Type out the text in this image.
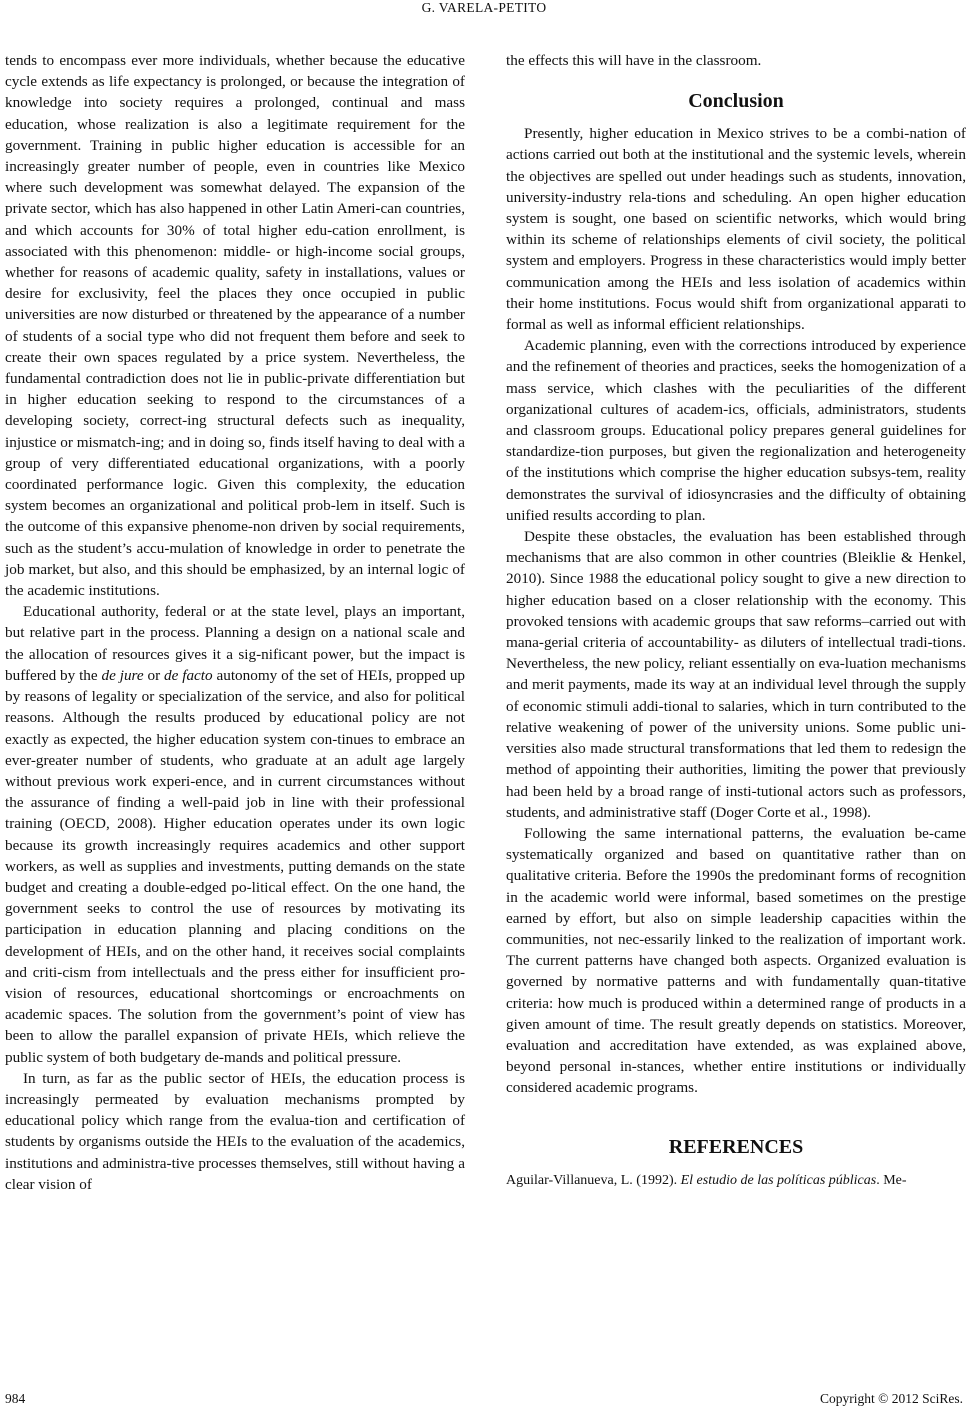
G. VARELA-PETITO

tends to encompass ever more individuals, whether because the educative cycle extends as life expectancy is prolonged, or because the integration of knowledge into society requires a prolonged, continual and mass education, whose realization is also a legitimate requirement for the government. Training in public higher education is accessible for an increasingly greater number of people, even in countries like Mexico where such development was somewhat delayed. The expansion of the private sector, which has also happened in other Latin Ameri-can countries, and which accounts for 30% of total higher edu-cation enrollment, is associated with this phenomenon: middle- or high-income social groups, whether for reasons of academic quality, safety in installations, values or desire for exclusivity, feel the places they once occupied in public universities are now disturbed or threatened by the appearance of a number of students of a social type who did not frequent them before and seek to create their own spaces regulated by a price system. Nevertheless, the fundamental contradiction does not lie in public-private differentiation but in higher education seeking to respond to the circumstances of a developing society, correct-ing structural defects such as inequality, injustice or mismatch-ing; and in doing so, finds itself having to deal with a group of very differentiated educational organizations, with a poorly coordinated performance logic. Given this complexity, the education system becomes an organizational and political prob-lem in itself. Such is the outcome of this expansive phenome-non driven by social requirements, such as the student’s accu-mulation of knowledge in order to penetrate the job market, but also, and this should be emphasized, by an internal logic of the academic institutions.

Educational authority, federal or at the state level, plays an important, but relative part in the process. Planning a design on a national scale and the allocation of resources gives it a sig-nificant power, but the impact is buffered by the de jure or de facto autonomy of the set of HEIs, propped up by reasons of legality or specialization of the service, and also for political reasons. Although the results produced by educational policy are not exactly as expected, the higher education system con-tinues to embrace an ever-greater number of students, who graduate at an adult age largely without previous work experi-ence, and in current circumstances without the assurance of finding a well-paid job in line with their professional training (OECD, 2008). Higher education operates under its own logic because its growth increasingly requires academics and other support workers, as well as supplies and investments, putting demands on the state budget and creating a double-edged po-litical effect. On the one hand, the government seeks to control the use of resources by motivating its participation in education planning and placing conditions on the development of HEIs, and on the other hand, it receives social complaints and criti-cism from intellectuals and the press either for insufficient pro-vision of resources, educational shortcomings or encroachments on academic spaces. The solution from the government’s point of view has been to allow the parallel expansion of private HEIs, which relieve the public system of both budgetary de-mands and political pressure.

In turn, as far as the public sector of HEIs, the education process is increasingly permeated by evaluation mechanisms prompted by educational policy which range from the evalua-tion and certification of students by organisms outside the HEIs to the evaluation of the academics, institutions and administra-tive processes themselves, still without having a clear vision of

the effects this will have in the classroom.

Conclusion

Presently, higher education in Mexico strives to be a combi-nation of actions carried out both at the institutional and the systemic levels, wherein the objectives are spelled out under headings such as students, innovation, university-industry rela-tions and scheduling. An open higher education system is sought, one based on scientific networks, which would bring within its scheme of relationships elements of civil society, the political system and employers. Progress in these characteristics would imply better communication among the HEIs and less isolation of academics within their home institutions. Focus would shift from organizational apparati to formal as well as informal efficient relationships.

Academic planning, even with the corrections introduced by experience and the refinement of theories and practices, seeks the homogenization of a mass service, which clashes with the peculiarities of the different organizational cultures of academ-ics, officials, administrators, students and classroom groups. Educational policy prepares general guidelines for standardize-tion purposes, but given the regionalization and heterogeneity of the institutions which comprise the higher education subsys-tem, reality demonstrates the survival of idiosyncrasies and the difficulty of obtaining unified results according to plan.

Despite these obstacles, the evaluation has been established through mechanisms that are also common in other countries (Bleiklie & Henkel, 2010). Since 1988 the educational policy sought to give a new direction to higher education based on a closer relationship with the economy. This provoked tensions with academic groups that saw reforms–carried out with mana-gerial criteria of accountability- as diluters of intellectual tradi-tions. Nevertheless, the new policy, reliant essentially on eva-luation mechanisms and merit payments, made its way at an individual level through the supply of economic stimuli addi-tional to salaries, which in turn contributed to the relative weakening of power of the university unions. Some public uni-versities also made structural transformations that led them to redesign the method of appointing their authorities, limiting the power that previously had been held by a broad range of insti-tutional actors such as professors, students, and administrative staff (Doger Corte et al., 1998).

Following the same international patterns, the evaluation be-came systematically organized and based on quantitative rather than on qualitative criteria. Before the 1990s the predominant forms of recognition in the academic world were informal, based sometimes on the prestige earned by effort, but also on simple leadership capacities within the communities, not nec-essarily linked to the realization of important work. The current patterns have changed both aspects. Organized evaluation is governed by normative patterns and with fundamentally quan-titative criteria: how much is produced within a determined range of products in a given amount of time. The result greatly depends on statistics. Moreover, evaluation and accreditation have extended, as was explained above, beyond personal in-stances, whether entire institutions or individually considered academic programs.

REFERENCES

Aguilar-Villanueva, L. (1992). El estudio de las políticas públicas. Me-

984	Copyright © 2012 SciRes.
